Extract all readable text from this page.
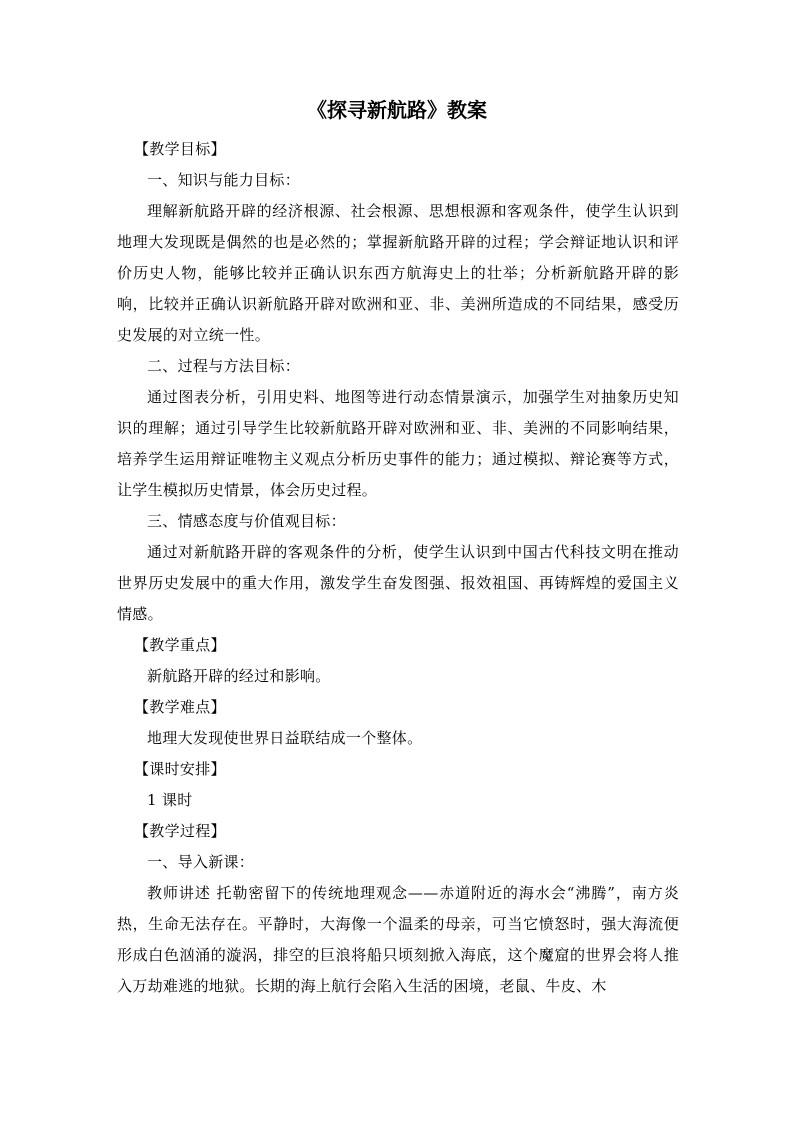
《探寻新航路》教案

【教学目标】

一、知识与能力目标：

理解新航路开辟的经济根源、社会根源、思想根源和客观条件，使学生认识到地理大发现既是偶然的也是必然的；掌握新航路开辟的过程；学会辩证地认识和评价历史人物，能够比较并正确认识东西方航海史上的壮举；分析新航路开辟的影响，比较并正确认识新航路开辟对欧洲和亚、非、美洲所造成的不同结果，感受历史发展的对立统一性。

二、过程与方法目标：

通过图表分析，引用史料、地图等进行动态情景演示，加强学生对抽象历史知识的理解；通过引导学生比较新航路开辟对欧洲和亚、非、美洲的不同影响结果，培养学生运用辩证唯物主义观点分析历史事件的能力；通过模拟、辩论赛等方式，让学生模拟历史情景，体会历史过程。

三、情感态度与价值观目标：

通过对新航路开辟的客观条件的分析，使学生认识到中国古代科技文明在推动世界历史发展中的重大作用，激发学生奋发图强、报效祖国、再铸辉煌的爱国主义情感。

【教学重点】

新航路开辟的经过和影响。

【教学难点】

地理大发现使世界日益联结成一个整体。

【课时安排】

1 课时

【教学过程】

一、导入新课：

教师讲述 托勒密留下的传统地理观念——赤道附近的海水会“沸腾”，南方炎热，生命无法存在。平静时，大海像一个温柔的母亲，可当它愤怒时，强大海流便形成白色汹涌的漩涡，排空的巨浪将船只顷刻掀入海底，这个魔窟的世界会将人推入万劫难逃的地狱。长期的海上航行会陷入生活的困境，老鼠、牛皮、木
